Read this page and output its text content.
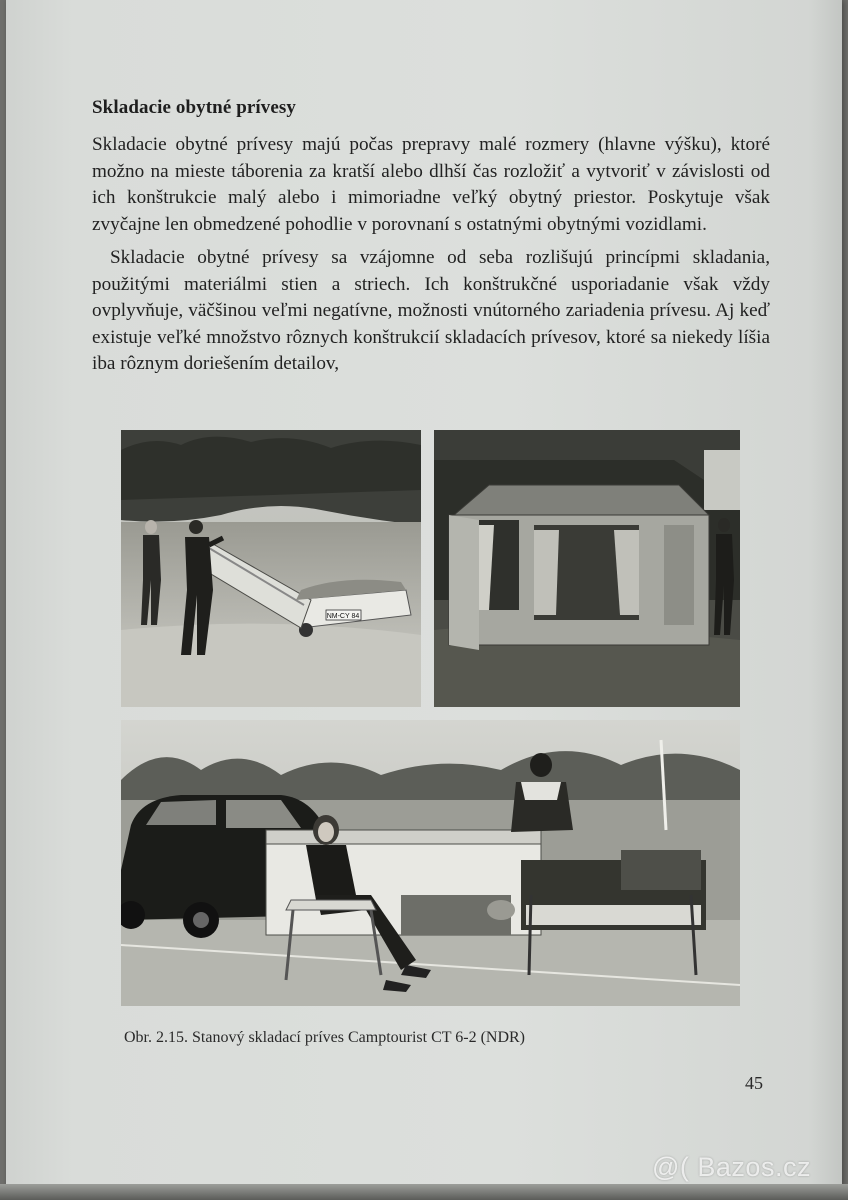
Skladacie obytné prívesy

Skladacie obytné prívesy majú počas prepravy malé rozmery (hlavne výšku), ktoré možno na mieste táborenia za kratší alebo dlhší čas rozložiť a vytvoriť v závislosti od ich konštrukcie malý alebo i mimoriadne veľký obytný priestor. Poskytuje však zvyčajne len obmedzené pohodlie v porovnaní s ostatnými obytnými vozidlami.

Skladacie obytné prívesy sa vzájomne od seba rozlišujú princípmi skladania, použitými materiálmi stien a striech. Ich konštrukčné usporiadanie však vždy ovplyvňuje, väčšinou veľmi negatívne, možnosti vnútorného zariadenia prívesu. Aj keď existuje veľké množstvo rôznych konštrukcií skladacích prívesov, ktoré sa niekedy líšia iba rôznym doriešením detailov,

NM-CY 84
Obr. 2.15. Stanový skladací príves Camptourist CT 6-2 (NDR)
45
@( Bazos.cz
